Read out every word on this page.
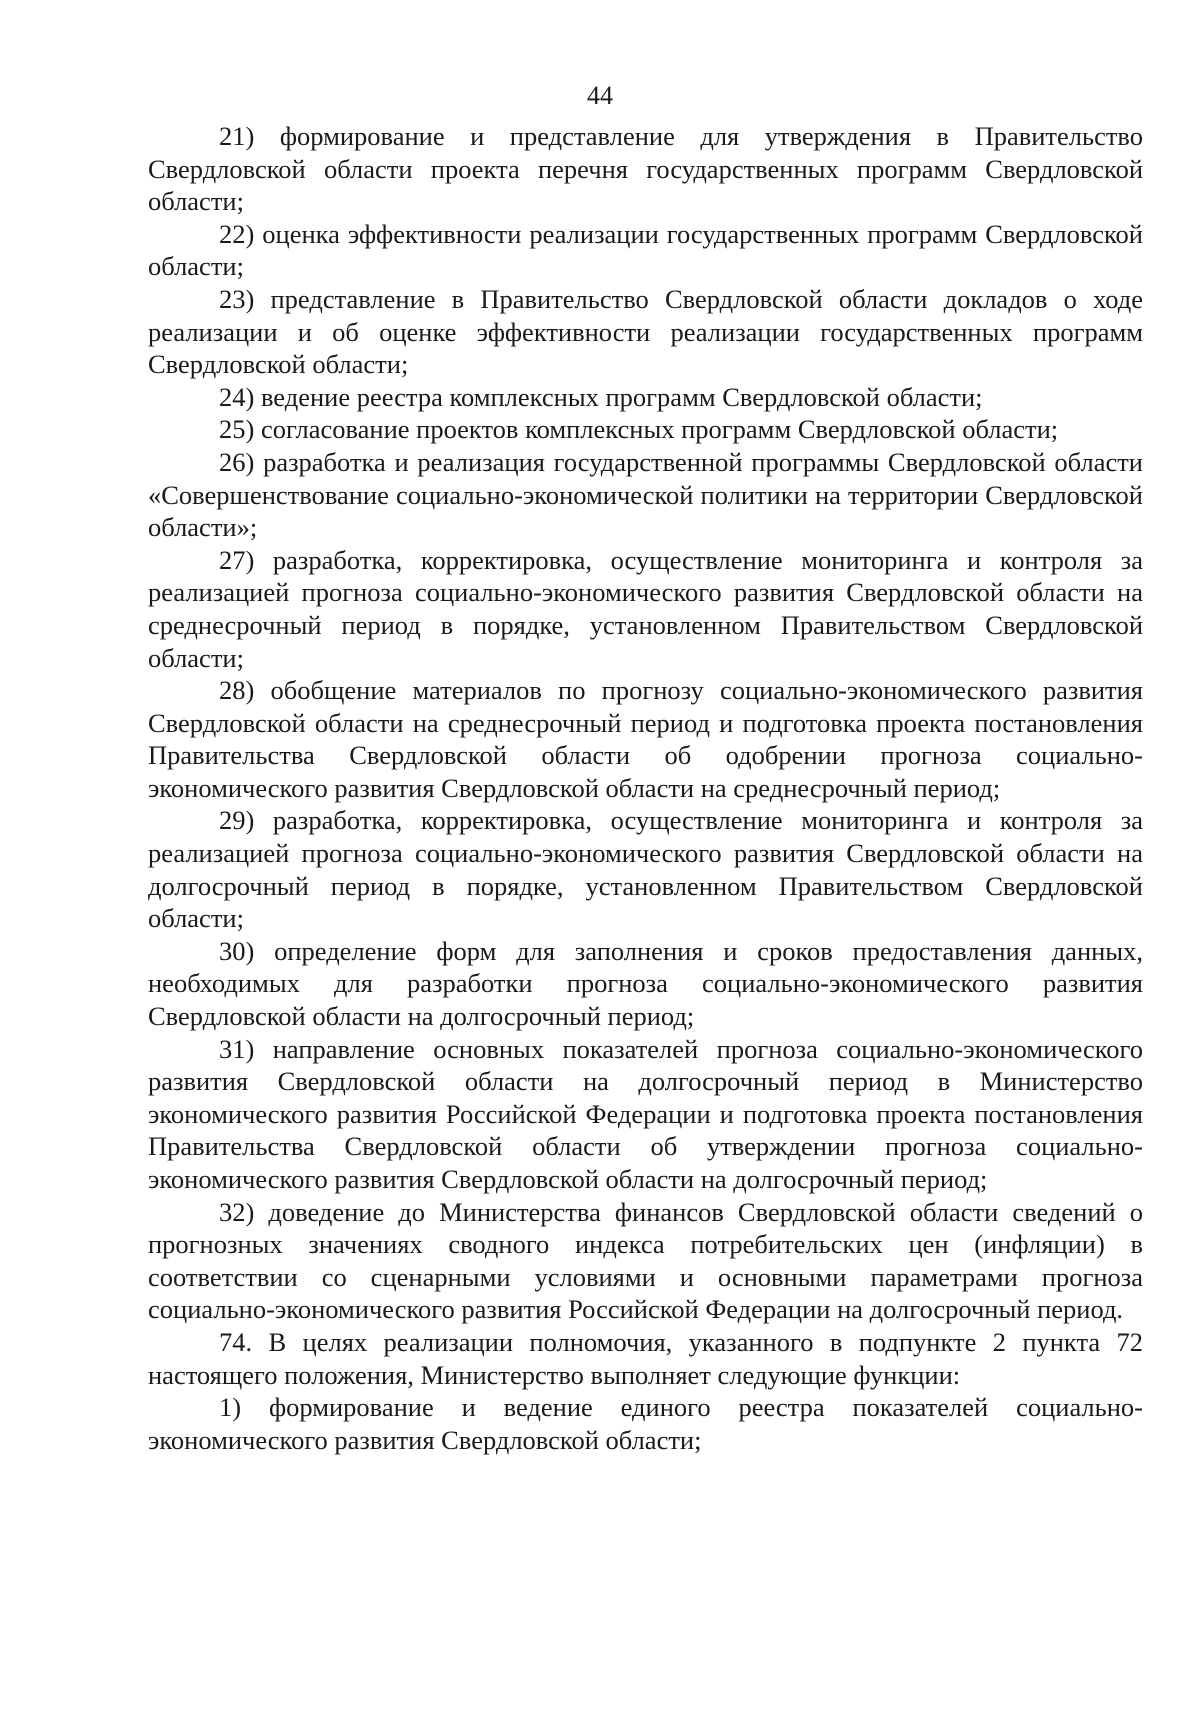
44

21) формирование и представление для утверждения в Правительство Свердловской области проекта перечня государственных программ Свердловской области;

22) оценка эффективности реализации государственных программ Свердловской области;

23) представление в Правительство Свердловской области докладов о ходе реализации и об оценке эффективности реализации государственных программ Свердловской области;

24) ведение реестра комплексных программ Свердловской области;

25) согласование проектов комплексных программ Свердловской области;

26) разработка и реализация государственной программы Свердловской области «Совершенствование социально-экономической политики на территории Свердловской области»;

27) разработка, корректировка, осуществление мониторинга и контроля за реализацией прогноза социально-экономического развития Свердловской области на среднесрочный период в порядке, установленном Правительством Свердловской области;

28) обобщение материалов по прогнозу социально-экономического развития Свердловской области на среднесрочный период и подготовка проекта постановления Правительства Свердловской области об одобрении прогноза социально-экономического развития Свердловской области на среднесрочный период;

29) разработка, корректировка, осуществление мониторинга и контроля за реализацией прогноза социально-экономического развития Свердловской области на долгосрочный период в порядке, установленном Правительством Свердловской области;

30) определение форм для заполнения и сроков предоставления данных, необходимых для разработки прогноза социально-экономического развития Свердловской области на долгосрочный период;

31) направление основных показателей прогноза социально-экономического развития Свердловской области на долгосрочный период в Министерство экономического развития Российской Федерации и подготовка проекта постановления Правительства Свердловской области об утверждении прогноза социально-экономического развития Свердловской области на долгосрочный период;

32) доведение до Министерства финансов Свердловской области сведений о прогнозных значениях сводного индекса потребительских цен (инфляции) в соответствии со сценарными условиями и основными параметрами прогноза социально-экономического развития Российской Федерации на долгосрочный период.

74. В целях реализации полномочия, указанного в подпункте 2 пункта 72 настоящего положения, Министерство выполняет следующие функции:

1) формирование и ведение единого реестра показателей социально-экономического развития Свердловской области;
